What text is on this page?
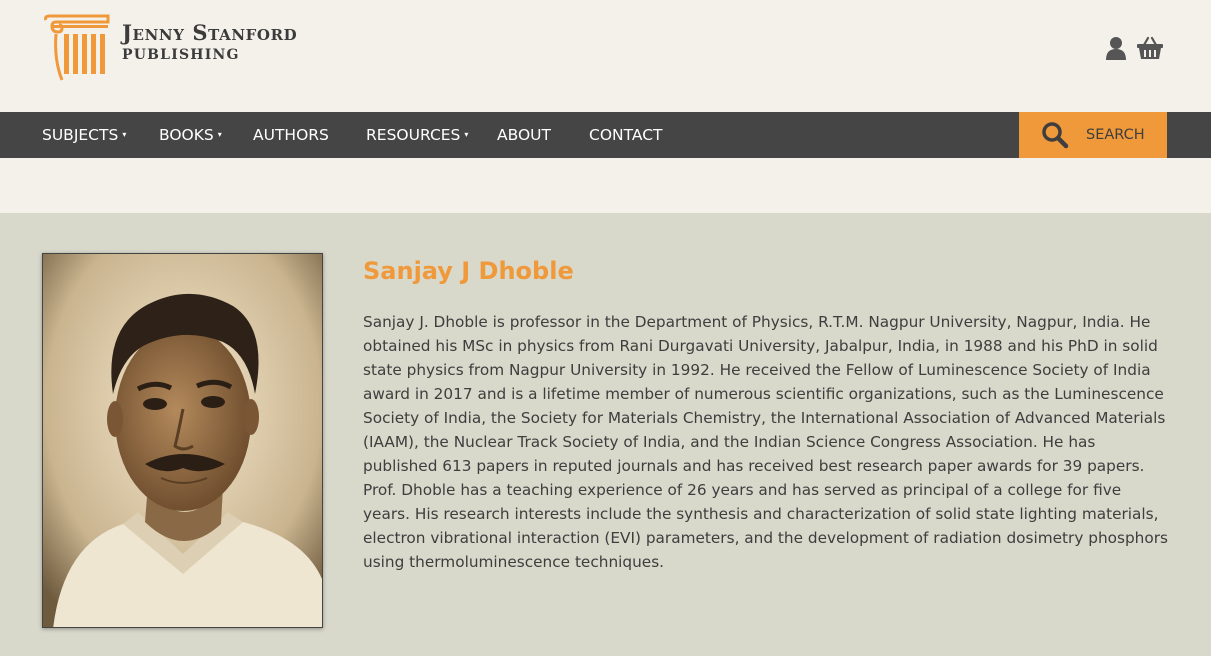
Jenny Stanford
PUBLISHING
SUBJECTS ▾ BOOKS ▾ AUTHORS RESOURCES ▾ ABOUT CONTACT	SEARCH
Sanjay J Dhoble

Sanjay J. Dhoble is professor in the Department of Physics, R.T.M. Nagpur University, Nagpur, India. He obtained his MSc in physics from Rani Durgavati University, Jabalpur, India, in 1988 and his PhD in solid state physics from Nagpur University in 1992. He received the Fellow of Luminescence Society of India award in 2017 and is a lifetime member of numerous scientific organizations, such as the Luminescence Society of India, the Society for Materials Chemistry, the International Association of Advanced Materials (IAAM), the Nuclear Track Society of India, and the Indian Science Congress Association. He has published 613 papers in reputed journals and has received best research paper awards for 39 papers. Prof. Dhoble has a teaching experience of 26 years and has served as principal of a college for five years. His research interests include the synthesis and characterization of solid state lighting materials, electron vibrational interaction (EVI) parameters, and the development of radiation dosimetry phosphors using thermoluminescence techniques.
